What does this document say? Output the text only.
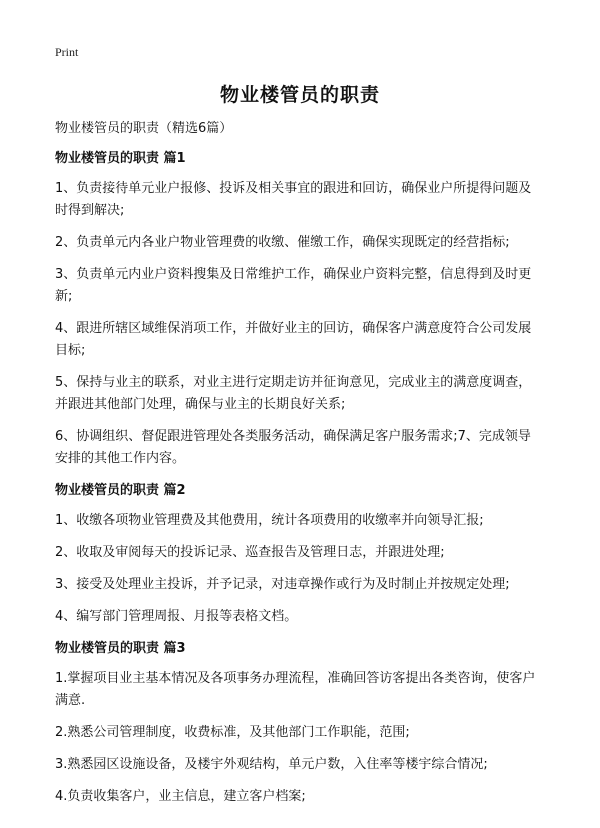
Print
物业楼管员的职责

物业楼管员的职责（精选6篇）

物业楼管员的职责 篇1

1、负责接待单元业户报修、投诉及相关事宜的跟进和回访，确保业户所提得问题及时得到解决;

2、负责单元内各业户物业管理费的收缴、催缴工作，确保实现既定的经营指标;

3、负责单元内业户资料搜集及日常维护工作，确保业户资料完整，信息得到及时更新;

4、跟进所辖区域维保消项工作，并做好业主的回访，确保客户满意度符合公司发展目标;

5、保持与业主的联系，对业主进行定期走访并征询意见，完成业主的满意度调查，并跟进其他部门处理，确保与业主的长期良好关系;

6、协调组织、督促跟进管理处各类服务活动，确保满足客户服务需求;7、完成领导安排的其他工作内容。

物业楼管员的职责 篇2

1、收缴各项物业管理费及其他费用，统计各项费用的收缴率并向领导汇报;

2、收取及审阅每天的投诉记录、巡查报告及管理日志，并跟进处理;

3、接受及处理业主投诉，并予记录，对违章操作或行为及时制止并按规定处理;

4、编写部门管理周报、月报等表格文档。

物业楼管员的职责 篇3

1.掌握项目业主基本情况及各项事务办理流程，准确回答访客提出各类咨询，使客户满意.

2.熟悉公司管理制度，收费标准，及其他部门工作职能，范围;

3.熟悉园区设施设备，及楼宇外观结构，单元户数，入住率等楼宇综合情况;

4.负责收集客户，业主信息，建立客户档案;
